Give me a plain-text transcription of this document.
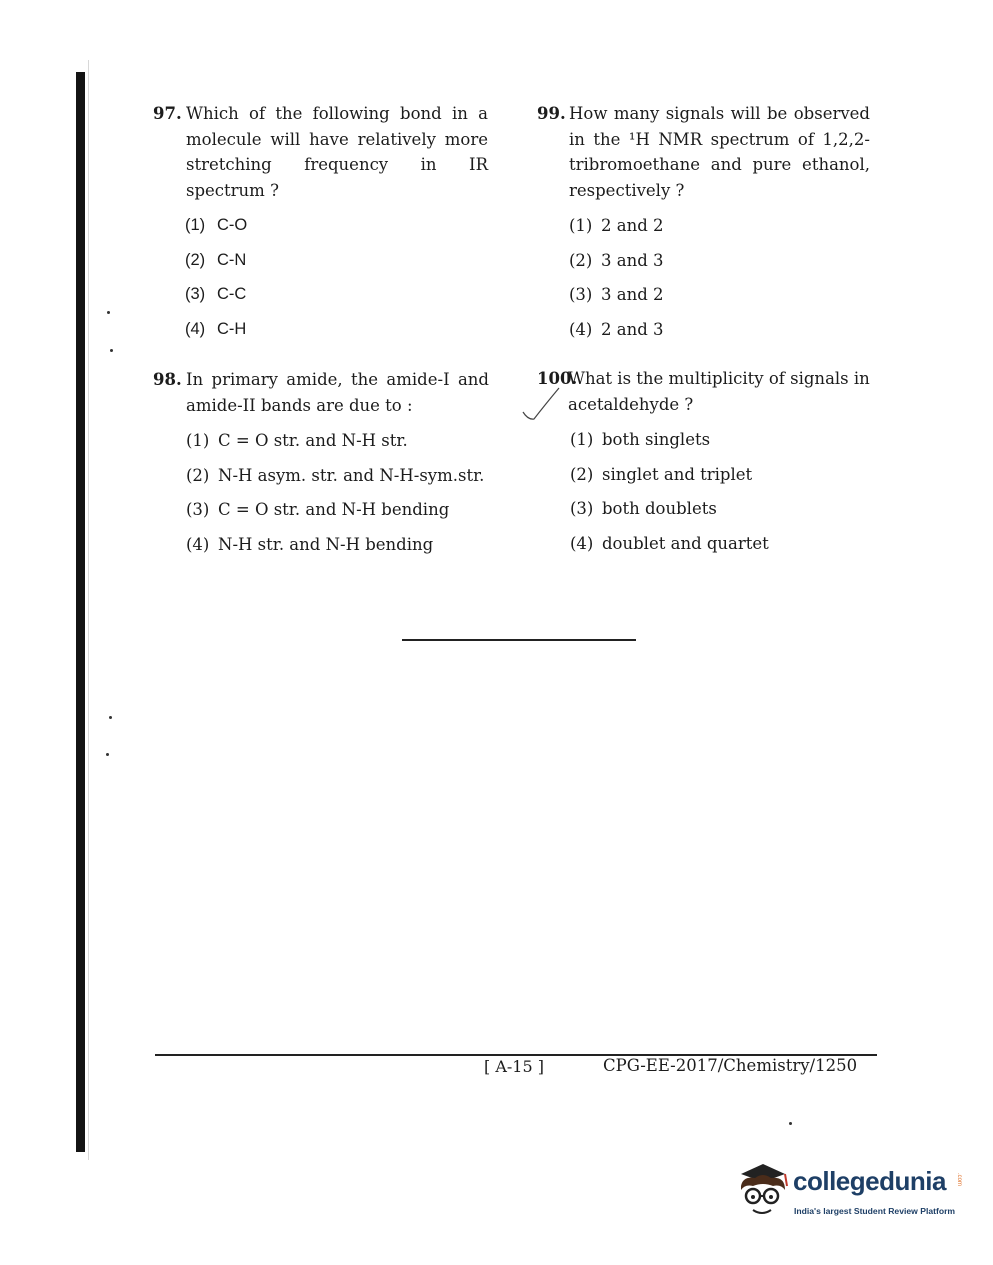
97. Which of the following bond in a molecule will have relatively more stretching frequency in IR spectrum ?
(1) C-O
(2) C-N
(3) C-C
(4) C-H
99. How many signals will be observed in the ¹H NMR spectrum of 1,2,2-tribromoethane and pure ethanol, respectively ?
(1) 2 and 2
(2) 3 and 3
(3) 3 and 2
(4) 2 and 3
98. In primary amide, the amide-I and amide-II bands are due to :
(1) C = O str. and N-H str.
(2) N-H asym. str. and N-H-sym.str.
(3) C = O str. and N-H bending
(4) N-H str. and N-H bending
100.
What is the multiplicity of signals in acetaldehyde ?
(1) both singlets
(2) singlet and triplet
(3) both doublets
(4) doublet and quartet
[ A-15 ]	CPG-EE-2017/Chemistry/1250
collegedunia .com
India's largest Student Review Platform
